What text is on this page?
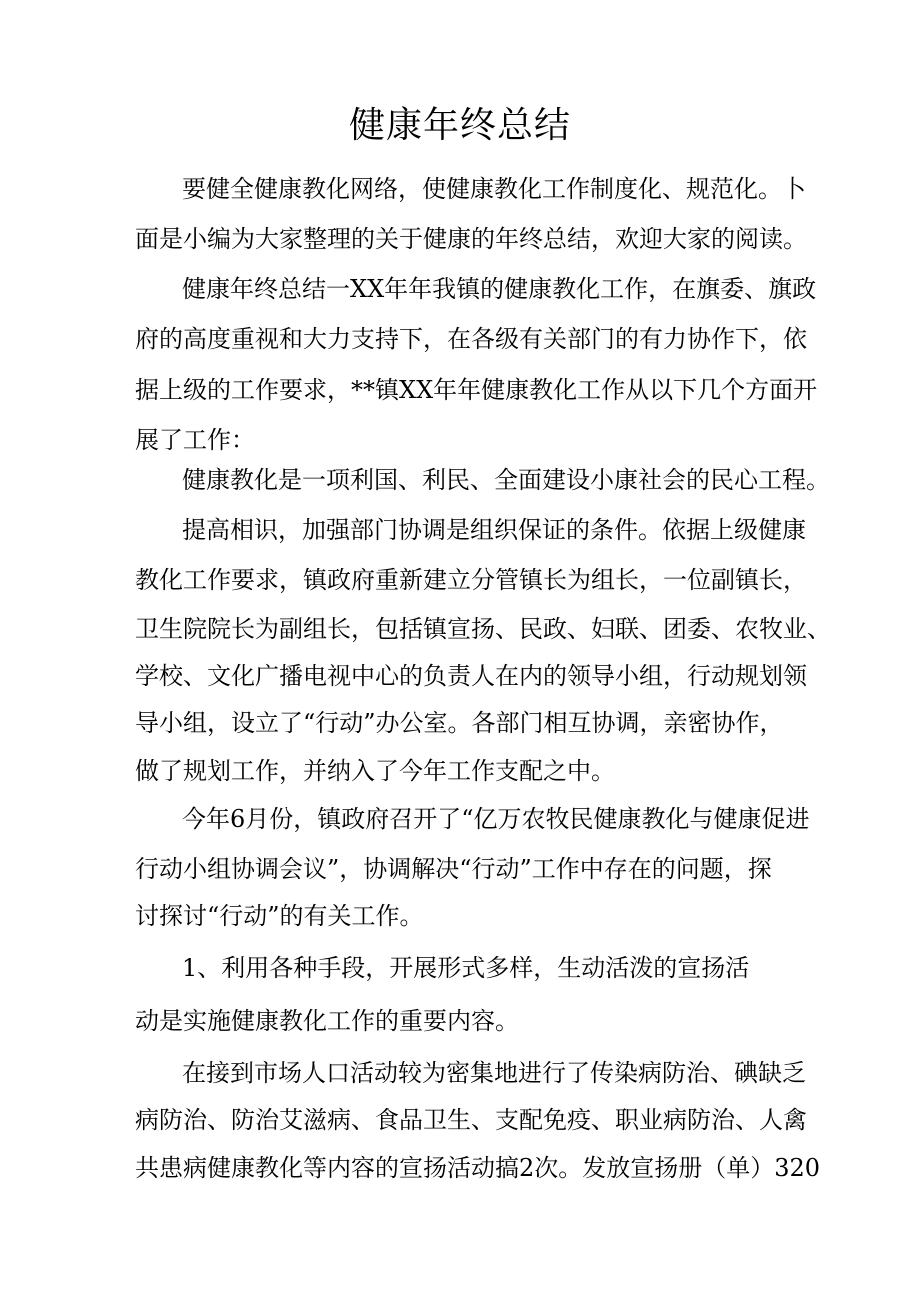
健康年终总结
要健全健康教化网络，使健康教化工作制度化、规范化。卜
面是小编为大家整理的关于健康的年终总结，欢迎大家的阅读。
健康年终总结一XX年年我镇的健康教化工作，在旗委、旗政
府的高度重视和大力支持下，在各级有关部门的有力协作下，依
据上级的工作要求，**镇XX年年健康教化工作从以下几个方面开
展了工作：
健康教化是一项利国、利民、全面建设小康社会的民心工程。
提高相识，加强部门协调是组织保证的条件。依据上级健康
教化工作要求，镇政府重新建立分管镇长为组长，一位副镇长，
卫生院院长为副组长，包括镇宣扬、民政、妇联、团委、农牧业、
学校、文化广播电视中心的负责人在内的领导小组，行动规划领
导小组，设立了“行动”办公室。各部门相互协调，亲密协作，
做了规划工作，并纳入了今年工作支配之中。
今年6月份，镇政府召开了“亿万农牧民健康教化与健康促进
行动小组协调会议”，协调解决“行动”工作中存在的问题，探
讨探讨“行动”的有关工作。
1、利用各种手段，开展形式多样，生动活泼的宣扬活
动是实施健康教化工作的重要内容。
在接到市场人口活动较为密集地进行了传染病防治、碘缺乏
病防治、防治艾滋病、食品卫生、支配免疫、职业病防治、人禽
共患病健康教化等内容的宣扬活动搞2次。发放宣扬册（单）320
